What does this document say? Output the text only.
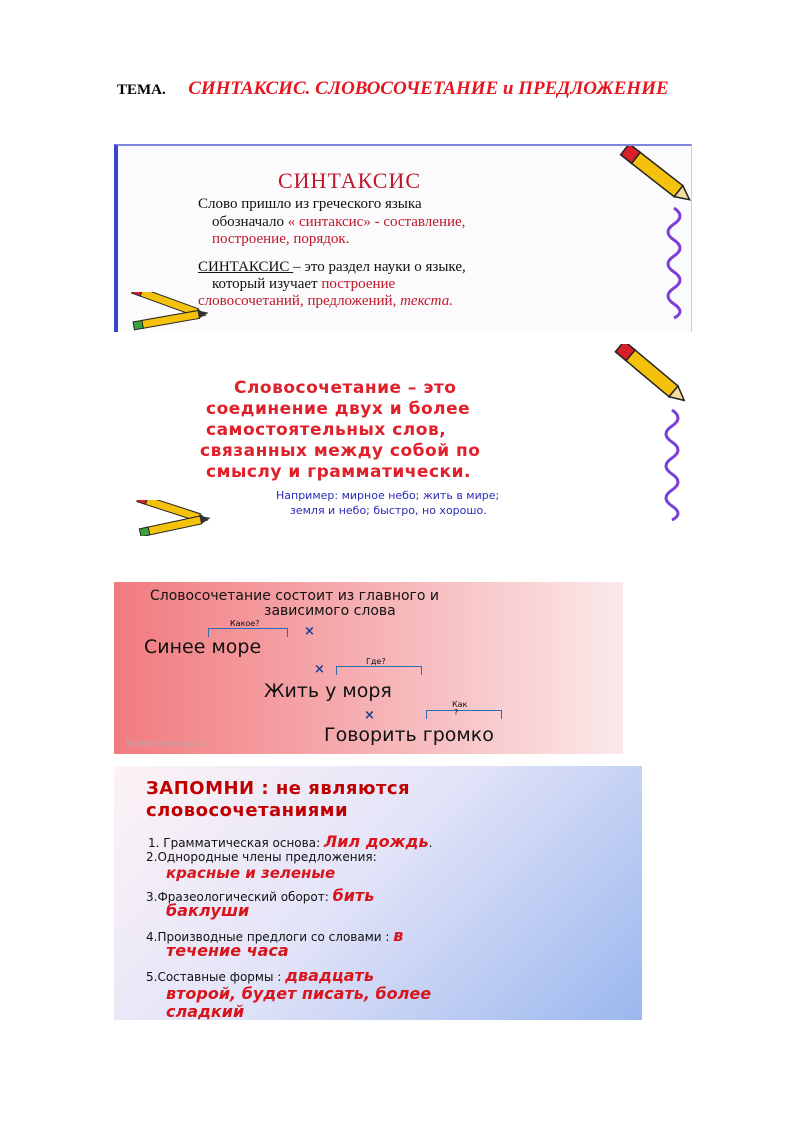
ТЕМА. СИНТАКСИС. СЛОВОСОЧЕТАНИЕ и ПРЕДЛОЖЕНИЕ
СИНТАКСИС
Слово пришло из греческого языка
обозначало « синтаксис» - составление,
построение, порядок.
СИНТАКСИС – это раздел науки о языке,
который изучает построение
словосочетаний, предложений, текста.
Словосочетание – это
соединение двух и более
самостоятельных слов,
связанных между собой по
смыслу и грамматически.
Например: мирное небо; жить в мире;
земля и небо; быстро, но хорошо.
Словосочетание состоит из главного и
зависимого слова
Какое?
×
Синее море
Где?
×
Жить у моря
Как
?
×
Говорить громко
KtoNaNovenkogo.ru
ЗАПОМНИ : не являются
словосочетаниями
1. Грамматическая основа: Лил дождь.
2.Однородные члены предложения:
красные и зеленые
3.Фразеологический оборот: бить
баклуши
4.Производные предлоги со словами : в
течение часа
5.Составные формы : двадцать
второй, будет писать, более
сладкий
